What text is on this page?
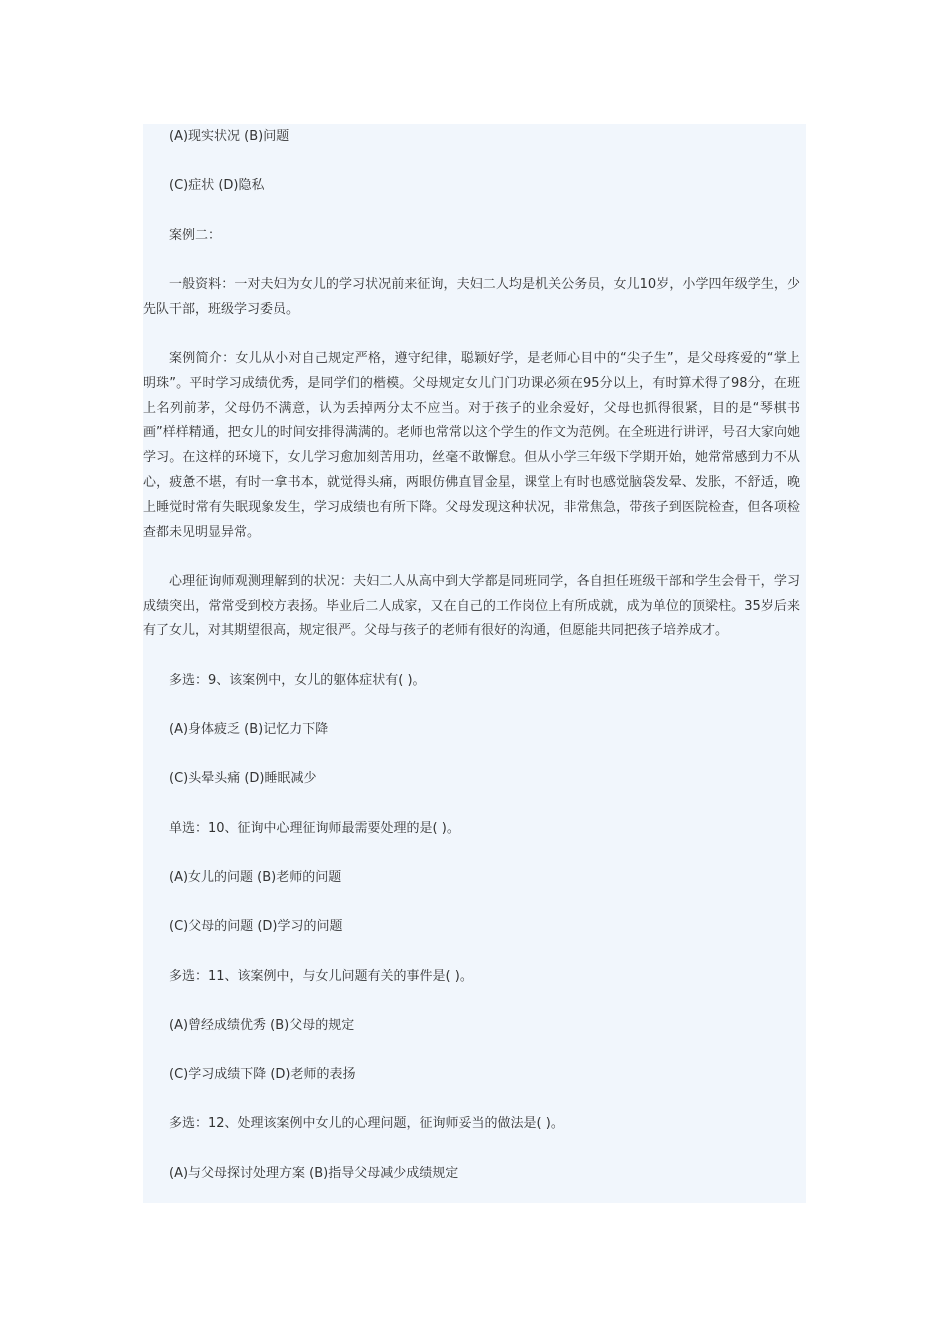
(A)现实状况 (B)问题

(C)症状 (D)隐私

案例二：

一般资料：一对夫妇为女儿的学习状况前来征询，夫妇二人均是机关公务员，女儿10岁，小学四年级学生，少先队干部，班级学习委员。

案例简介：女儿从小对自己规定严格，遵守纪律，聪颖好学，是老师心目中的“尖子生”，是父母疼爱的“掌上明珠”。平时学习成绩优秀，是同学们的楷模。父母规定女儿门门功课必须在95分以上，有时算术得了98分，在班上名列前茅，父母仍不满意，认为丢掉两分太不应当。对于孩子的业余爱好，父母也抓得很紧，目的是“琴棋书画”样样精通，把女儿的时间安排得满满的。老师也常常以这个学生的作文为范例。在全班进行讲评，号召大家向她学习。在这样的环境下，女儿学习愈加刻苦用功，丝毫不敢懈怠。但从小学三年级下学期开始，她常常感到力不从心，疲惫不堪，有时一拿书本，就觉得头痛，两眼仿佛直冒金星，课堂上有时也感觉脑袋发晕、发胀，不舒适，晚上睡觉时常有失眠现象发生，学习成绩也有所下降。父母发现这种状况，非常焦急，带孩子到医院检查，但各项检查都未见明显异常。

心理征询师观测理解到的状况：夫妇二人从高中到大学都是同班同学，各自担任班级干部和学生会骨干，学习成绩突出，常常受到校方表扬。毕业后二人成家，又在自己的工作岗位上有所成就，成为单位的顶梁柱。35岁后来有了女儿，对其期望很高，规定很严。父母与孩子的老师有很好的沟通，但愿能共同把孩子培养成才。

多选：9、该案例中，女儿的躯体症状有( )。

(A)身体疲乏 (B)记忆力下降

(C)头晕头痛 (D)睡眠减少

单选：10、征询中心理征询师最需要处理的是( )。

(A)女儿的问题 (B)老师的问题

(C)父母的问题 (D)学习的问题

多选：11、该案例中，与女儿问题有关的事件是( )。

(A)曾经成绩优秀 (B)父母的规定

(C)学习成绩下降 (D)老师的表扬

多选：12、处理该案例中女儿的心理问题，征询师妥当的做法是( )。

(A)与父母探讨处理方案 (B)指导父母减少成绩规定
